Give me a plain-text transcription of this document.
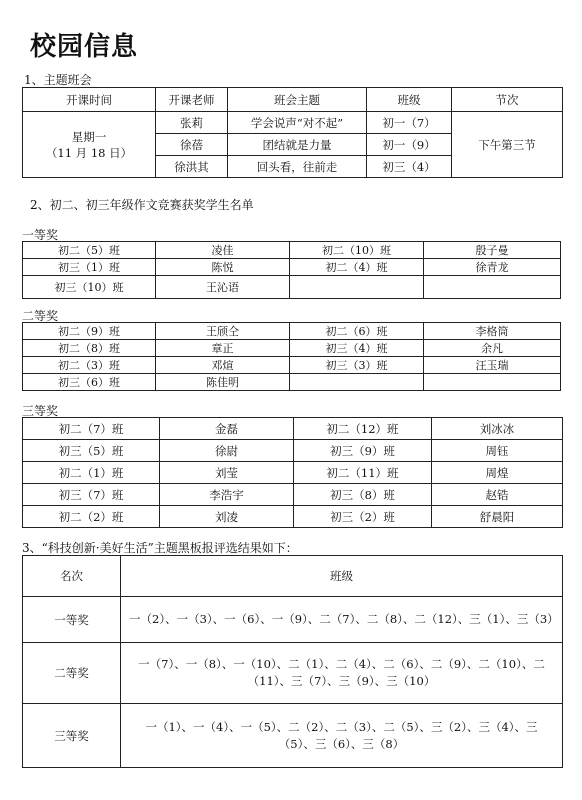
校园信息
1、主题班会
开课时间	开课老师	班会主题	班级	节次

星期一
（11 月 18 日）	张莉	学会说声“对不起”	初一（7）	下午第三节
	徐蓓	团结就是力量	初一（9）	
	徐洪其	回头看，往前走	初三（4）	
2、初二、初三年级作文竞赛获奖学生名单
一等奖
初二（5）班	凌佳	初二（10）班	殷子曼
初三（1）班	陈悦	初二（4）班	徐青龙
初三（10）班	王沁语		
二等奖
初二（9）班	王颀仝	初二（6）班	李格筒
初二（8）班	章正	初三（4）班	余凡
初二（3）班	邓煊	初三（3）班	汪玉瑞
初三（6）班	陈佳明		
三等奖
初二（7）班	金磊	初二（12）班	刘冰冰
初三（5）班	徐尉	初三（9）班	周钰
初二（1）班	刘莹	初二（11）班	周煌
初三（7）班	李浩宇	初三（8）班	赵锆
初二（2）班	刘凌	初三（2）班	舒晨阳
3、“科技创新·美好生活”主题黑板报评选结果如下：
名次	班级
一等奖	一（2）、一（3）、一（6）、一（9）、二（7）、二（8）、二（12）、三（1）、三（3）
二等奖	一（7）、一（8）、一（10）、二（1）、二（4）、二（6）、二（9）、二（10）、二（11）、三（7）、三（9）、三（10）
三等奖	一（1）、一（4）、一（5）、二（2）、二（3）、二（5）、三（2）、三（4）、三（5）、三（6）、三（8）
